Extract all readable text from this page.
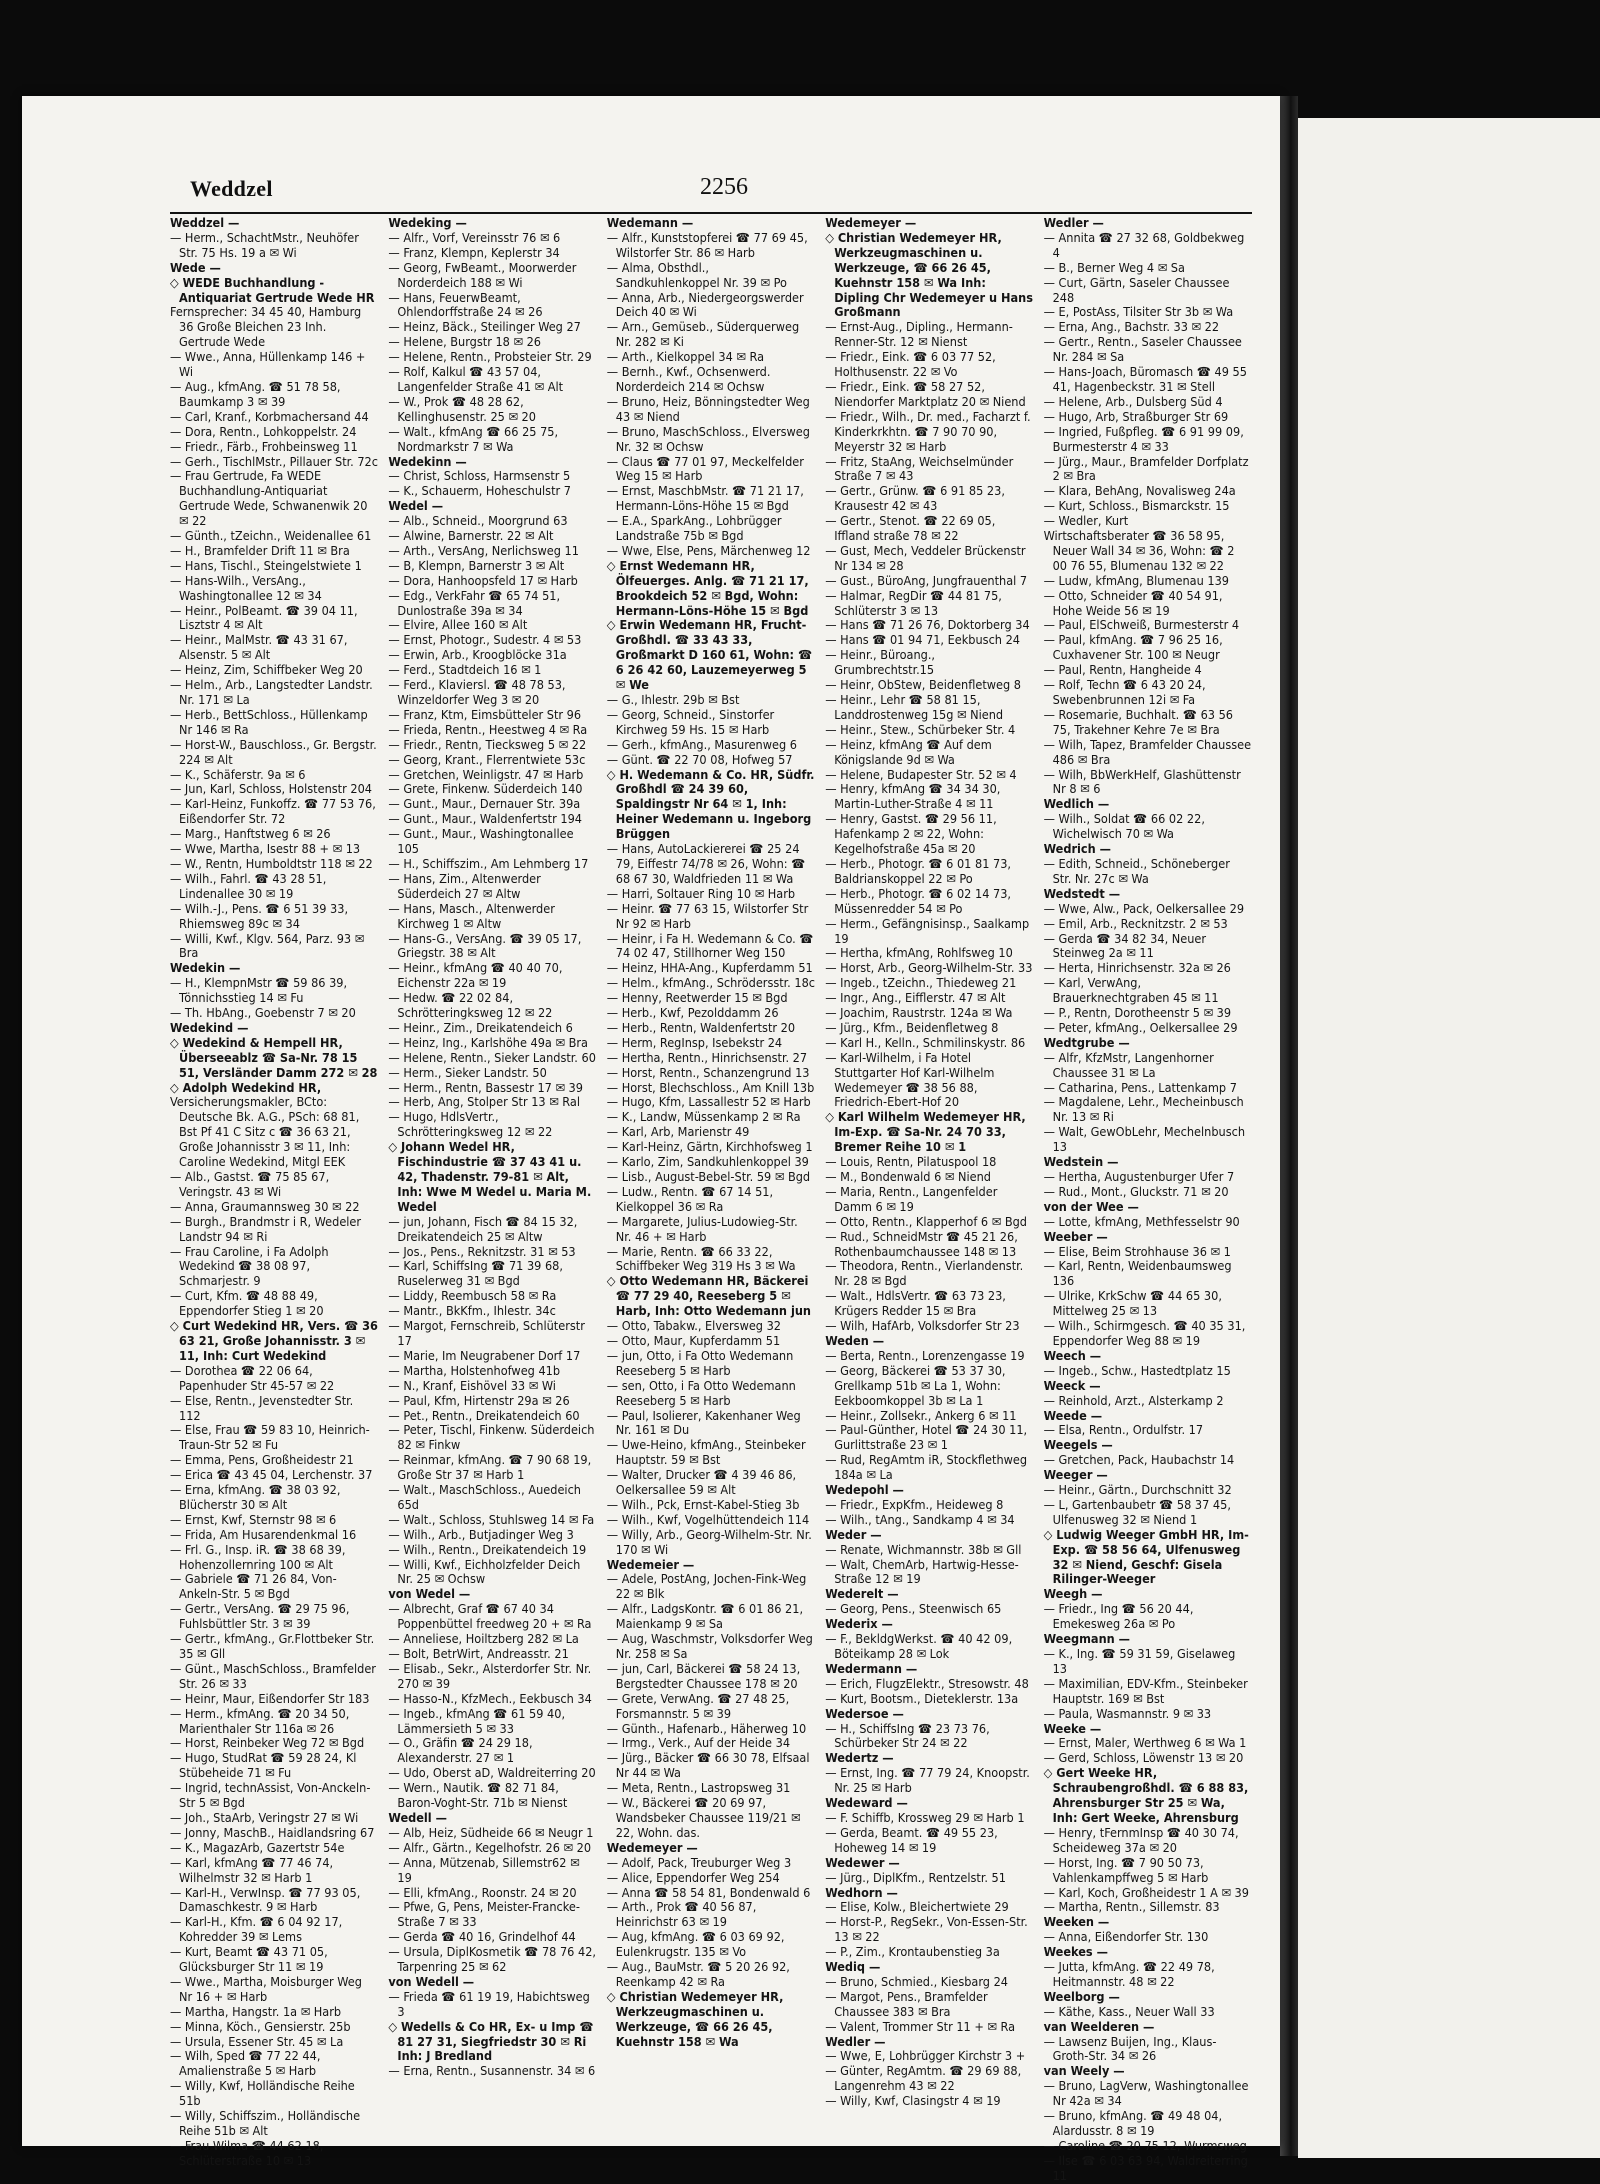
Weddzel	2256

Weddzel —

— Herm., SchachtMstr., Neuhöfer Str. 75 Hs. 19 a ✉ Wi

Wede —

◇ WEDE Buchhandlung - Antiquariat Gertrude Wede HR

Fernsprecher: 34 45 40, Hamburg 36 Große Bleichen 23 Inh. Gertrude Wede

— Wwe., Anna, Hüllenkamp 146 + Wi

— Aug., kfmAng. ☎ 51 78 58, Baumkamp 3 ✉ 39

— Carl, Kranf., Korbmachersand 44

— Dora, Rentn., Lohkoppelstr. 24

— Friedr., Färb., Frohbeinsweg 11

— Gerh., TischlMstr., Pillauer Str. 72c

— Frau Gertrude, Fa WEDE Buchhandlung-Antiquariat Gertrude Wede, Schwanenwik 20 ✉ 22

— Günth., tZeichn., Weidenallee 61

— H., Bramfelder Drift 11 ✉ Bra

— Hans, Tischl., Steingelstwiete 1

— Hans-Wilh., VersAng., Washingtonallee 12 ✉ 34

— Heinr., PolBeamt. ☎ 39 04 11, Lisztstr 4 ✉ Alt

— Heinr., MalMstr. ☎ 43 31 67, Alsenstr. 5 ✉ Alt

— Heinz, Zim, Schiffbeker Weg 20

— Helm., Arb., Langstedter Landstr. Nr. 171 ✉ La

— Herb., BettSchloss., Hüllenkamp Nr 146 ✉ Ra

— Horst-W., Bauschloss., Gr. Bergstr. 224 ✉ Alt

— K., Schäferstr. 9a ✉ 6

— Jun, Karl, Schloss, Holstenstr 204

— Karl-Heinz, Funkoffz. ☎ 77 53 76, Eißendorfer Str. 72

— Marg., Hanftstweg 6 ✉ 26

— Wwe, Martha, Isestr 88 + ✉ 13

— W., Rentn, Humboldtstr 118 ✉ 22

— Wilh., Fahrl. ☎ 43 28 51, Lindenallee 30 ✉ 19

— Wilh.-J., Pens. ☎ 6 51 39 33, Rhiemsweg 89c ✉ 34

— Willi, Kwf., Klgv. 564, Parz. 93 ✉ Bra

Wedekin —

— H., KlempnMstr ☎ 59 86 39, Tönnichsstieg 14 ✉ Fu

— Th. HbAng., Goebenstr 7 ✉ 20

Wedekind —

◇ Wedekind & Hempell HR, Überseeablz ☎ Sa-Nr. 78 15 51, Versländer Damm 272 ✉ 28

◇ Adolph Wedekind HR,

Versicherungsmakler, BCto: Deutsche Bk. A.G., PSch: 68 81, Bst Pf 41 C Sitz c ☎ 36 63 21, Große Johannisstr 3 ✉ 11, Inh: Caroline Wedekind, Mitgl EEK

— Alb., Gastst. ☎ 75 85 67, Veringstr. 43 ✉ Wi

— Anna, Graumannsweg 30 ✉ 22

— Burgh., Brandmstr i R, Wedeler Landstr 94 ✉ Ri

— Frau Caroline, i Fa Adolph Wedekind ☎ 38 08 97, Schmarjestr. 9

— Curt, Kfm. ☎ 48 88 49, Eppendorfer Stieg 1 ✉ 20

◇ Curt Wedekind HR, Vers. ☎ 36 63 21, Große Johannisstr. 3 ✉ 11, Inh: Curt Wedekind

— Dorothea ☎ 22 06 64, Papenhuder Str 45-57 ✉ 22

— Else, Rentn., Jevenstedter Str. 112

— Else, Frau ☎ 59 83 10, Heinrich-Traun-Str 52 ✉ Fu

— Emma, Pens, Großheidestr 21

— Erica ☎ 43 45 04, Lerchenstr. 37

— Erna, kfmAng. ☎ 38 03 92, Blücherstr 30 ✉ Alt

— Ernst, Kwf, Sternstr 98 ✉ 6

— Frida, Am Husarendenkmal 16

— Frl. G., Insp. iR. ☎ 38 68 39, Hohenzollernring 100 ✉ Alt

— Gabriele ☎ 71 26 84, Von-Ankeln-Str. 5 ✉ Bgd

— Gertr., VersAng. ☎ 29 75 96, Fuhlsbüttler Str. 3 ✉ 39

— Gertr., kfmAng., Gr.Flottbeker Str. 35 ✉ Gll

— Günt., MaschSchloss., Bramfelder Str. 26 ✉ 33

— Heinr, Maur, Eißendorfer Str 183

— Herm., kfmAng. ☎ 20 34 50, Marienthaler Str 116a ✉ 26

— Horst, Reinbeker Weg 72 ✉ Bgd

— Hugo, StudRat ☎ 59 28 24, Kl Stübeheide 71 ✉ Fu

— Ingrid, technAssist, Von-Anckeln-Str 5 ✉ Bgd

— Joh., StaArb, Veringstr 27 ✉ Wi

— Jonny, MaschB., Haidlandsring 67

— K., MagazArb, Gazertstr 54e

— Karl, kfmAng ☎ 77 46 74, Wilhelmstr 32 ✉ Harb 1

— Karl-H., VerwInsp. ☎ 77 93 05, Damaschkestr. 9 ✉ Harb

— Karl-H., Kfm. ☎ 6 04 92 17, Kohredder 39 ✉ Lems

— Kurt, Beamt ☎ 43 71 05, Glücksburger Str 11 ✉ 19

— Wwe., Martha, Moisburger Weg Nr 16 + ✉ Harb

— Martha, Hangstr. 1a ✉ Harb

— Minna, Köch., Gensierstr. 25b

— Ursula, Essener Str. 45 ✉ La

— Wilh, Sped ☎ 77 22 44, Amalienstraße 5 ✉ Harb

— Willy, Kwf, Holländische Reihe 51b

— Willy, Schiffszim., Holländische Reihe 51b ✉ Alt

— Frau Wilma ☎ 44 62 18, Schlüterstraße 10 ✉ 13

Wedeking —

— Alfr., Vorf, Vereinsstr 76 ✉ 6

— Franz, Klempn, Keplerstr 34

— Georg, FwBeamt., Moorwerder Norderdeich 188 ✉ Wi

— Hans, FeuerwBeamt, Ohlendorffstraße 24 ✉ 26

— Heinz, Bäck., Steilinger Weg 27

— Helene, Burgstr 18 ✉ 26

— Helene, Rentn., Probsteier Str. 29

— Rolf, Kalkul ☎ 43 57 04, Langenfelder Straße 41 ✉ Alt

— W., Prok ☎ 48 28 62, Kellinghusenstr. 25 ✉ 20

— Walt., kfmAng ☎ 66 25 75, Nordmarkstr 7 ✉ Wa

Wedekinn —

— Christ, Schloss, Harmsenstr 5

— K., Schauerm, Hoheschulstr 7

Wedel —

— Alb., Schneid., Moorgrund 63

— Alwine, Barnerstr. 22 ✉ Alt

— Arth., VersAng, Nerlichsweg 11

— B, Klempn, Barnerstr 3 ✉ Alt

— Dora, Hanhoopsfeld 17 ✉ Harb

— Edg., VerkFahr ☎ 65 74 51, Dunlostraße 39a ✉ 34

— Elvire, Allee 160 ✉ Alt

— Ernst, Photogr., Sudestr. 4 ✉ 53

— Erwin, Arb., Kroogblöcke 31a

— Ferd., Stadtdeich 16 ✉ 1

— Ferd., Klaviersl. ☎ 48 78 53, Winzeldorfer Weg 3 ✉ 20

— Franz, Ktm, Eimsbütteler Str 96

— Frieda, Rentn., Heestweg 4 ✉ Ra

— Friedr., Rentn, Tiecksweg 5 ✉ 22

— Georg, Krant., Flerrentwiete 53c

— Gretchen, Weinligstr. 47 ✉ Harb

— Grete, Finkenw. Süderdeich 140

— Gunt., Maur., Dernauer Str. 39a

— Gunt., Maur., Waldenfertstr 194

— Gunt., Maur., Washingtonallee 105

— H., Schiffszim., Am Lehmberg 17

— Hans, Zim., Altenwerder Süderdeich 27 ✉ Altw

— Hans, Masch., Altenwerder Kirchweg 1 ✉ Altw

— Hans-G., VersAng. ☎ 39 05 17, Griegstr. 38 ✉ Alt

— Heinr., kfmAng ☎ 40 40 70, Eichenstr 22a ✉ 19

— Hedw. ☎ 22 02 84, Schrötteringksweg 12 ✉ 22

— Heinr., Zim., Dreikatendeich 6

— Heinz, Ing., Karlshöhe 49a ✉ Bra

— Helene, Rentn., Sieker Landstr. 60

— Herm., Sieker Landstr. 50

— Herm., Rentn, Bassestr 17 ✉ 39

— Herb, Ang, Stolper Str 13 ✉ Ral

— Hugo, HdlsVertr., Schrötteringksweg 12 ✉ 22

◇ Johann Wedel HR, Fischindustrie ☎ 37 43 41 u. 42, Thadenstr. 79-81 ✉ Alt, Inh: Wwe M Wedel u. Maria M. Wedel

— jun, Johann, Fisch ☎ 84 15 32, Dreikatendeich 25 ✉ Altw

— Jos., Pens., Reknitzstr. 31 ✉ 53

— Karl, SchiffsIng ☎ 71 39 68, Ruselerweg 31 ✉ Bgd

— Liddy, Reembusch 58 ✉ Ra

— Mantr., BkKfm., Ihlestr. 34c

— Margot, Fernschreib, Schlüterstr 17

— Marie, Im Neugrabener Dorf 17

— Martha, Holstenhofweg 41b

— N., Kranf, Eishövel 33 ✉ Wi

— Paul, Kfm, Hirtenstr 29a ✉ 26

— Pet., Rentn., Dreikatendeich 60

— Peter, Tischl, Finkenw. Süderdeich 82 ✉ Finkw

— Reinmar, kfmAng. ☎ 7 90 68 19, Große Str 37 ✉ Harb 1

— Walt., MaschSchloss., Auedeich 65d

— Walt., Schloss, Stuhlsweg 14 ✉ Fa

— Wilh., Arb., Butjadinger Weg 3

— Wilh., Rentn., Dreikatendeich 19

— Willi, Kwf., Eichholzfelder Deich Nr. 25 ✉ Ochsw

von Wedel —

— Albrecht, Graf ☎ 67 40 34 Poppenbüttel freedweg 20 + ✉ Ra

— Anneliese, Hoiltzberg 282 ✉ La

— Bolt, BetrWirt, Andreasstr. 21

— Elisab., Sekr., Alsterdorfer Str. Nr. 270 ✉ 39

— Hasso-N., KfzMech., Eekbusch 34

— Ingeb., kfmAng ☎ 61 59 40, Lämmersieth 5 ✉ 33

— O., Gräfin ☎ 24 29 18, Alexanderstr. 27 ✉ 1

— Udo, Oberst aD, Waldreiterring 20

— Wern., Nautik. ☎ 82 71 84, Baron-Voght-Str. 71b ✉ Nienst

Wedell —

— Alb, Heiz, Südheide 66 ✉ Neugr 1

— Alfr., Gärtn., Kegelhofstr. 26 ✉ 20

— Anna, Mützenab, Sillemstr62 ✉ 19

— Elli, kfmAng., Roonstr. 24 ✉ 20

— Pfwe, G, Pens, Meister-Francke-Straße 7 ✉ 33

— Gerda ☎ 40 16, Grindelhof 44

— Ursula, DiplKosmetik ☎ 78 76 42, Tarpenring 25 ✉ 62

von Wedell —

— Frieda ☎ 61 19 19, Habichtsweg 3

◇ Wedells & Co HR, Ex- u Imp ☎ 81 27 31, Siegfriedstr 30 ✉ Ri Inh: J Bredland

— Erna, Rentn., Susannenstr. 34 ✉ 6

Wedemann —

— Alfr., Kunststopferei ☎ 77 69 45, Wilstorfer Str. 86 ✉ Harb

— Alma, Obsthdl., Sandkuhlenkoppel Nr. 39 ✉ Po

— Anna, Arb., Niedergeorgswerder Deich 40 ✉ Wi

— Arn., Gemüseb., Süderquerweg Nr. 282 ✉ Ki

— Arth., Kielkoppel 34 ✉ Ra

— Bernh., Kwf., Ochsenwerd. Norderdeich 214 ✉ Ochsw

— Bruno, Heiz, Bönningstedter Weg 43 ✉ Niend

— Bruno, MaschSchloss., Elversweg Nr. 32 ✉ Ochsw

— Claus ☎ 77 01 97, Meckelfelder Weg 15 ✉ Harb

— Ernst, MaschbMstr. ☎ 71 21 17, Hermann-Löns-Höhe 15 ✉ Bgd

— E.A., SparkAng., Lohbrügger Landstraße 75b ✉ Bgd

— Wwe, Else, Pens, Märchenweg 12

◇ Ernst Wedemann HR, Ölfeuerges. Anlg. ☎ 71 21 17, Brookdeich 52 ✉ Bgd, Wohn: Hermann-Löns-Höhe 15 ✉ Bgd

◇ Erwin Wedemann HR, Frucht-Großhdl. ☎ 33 43 33, Großmarkt D 160 61, Wohn: ☎ 6 26 42 60, Lauzemeyerweg 5 ✉ We

— G., Ihlestr. 29b ✉ Bst

— Georg, Schneid., Sinstorfer Kirchweg 59 Hs. 15 ✉ Harb

— Gerh., kfmAng., Masurenweg 6

— Günt. ☎ 22 70 08, Hofweg 57

◇ H. Wedemann & Co. HR, Südfr. Großhdl ☎ 24 39 60, Spaldingstr Nr 64 ✉ 1, Inh: Heiner Wedemann u. Ingeborg Brüggen

— Hans, AutoLackiererei ☎ 25 24 79, Eiffestr 74/78 ✉ 26, Wohn: ☎ 68 67 30, Waldfrieden 11 ✉ Wa

— Harri, Soltauer Ring 10 ✉ Harb

— Heinr. ☎ 77 63 15, Wilstorfer Str Nr 92 ✉ Harb

— Heinr, i Fa H. Wedemann & Co. ☎ 74 02 47, Stillhorner Weg 150

— Heinz, HHA-Ang., Kupferdamm 51

— Helm., kfmAng., Schrödersstr. 18c

— Henny, Reetwerder 15 ✉ Bgd

— Herb., Kwf, Pezolddamm 26

— Herb., Rentn, Waldenfertstr 20

— Herm, RegInsp, Isebekstr 24

— Hertha, Rentn., Hinrichsenstr. 27

— Horst, Rentn., Schanzengrund 13

— Horst, Blechschloss., Am Knill 13b

— Hugo, Kfm, Lassallestr 52 ✉ Harb

— K., Landw, Müssenkamp 2 ✉ Ra

— Karl, Arb, Marienstr 49

— Karl-Heinz, Gärtn, Kirchhofsweg 1

— Karlo, Zim, Sandkuhlenkoppel 39

— Lisb., August-Bebel-Str. 59 ✉ Bgd

— Ludw., Rentn. ☎ 67 14 51, Kielkoppel 36 ✉ Ra

— Margarete, Julius-Ludowieg-Str. Nr. 46 + ✉ Harb

— Marie, Rentn. ☎ 66 33 22, Schiffbeker Weg 319 Hs 3 ✉ Wa

◇ Otto Wedemann HR, Bäckerei ☎ 77 29 40, Reeseberg 5 ✉ Harb, Inh: Otto Wedemann jun

— Otto, Tabakw., Elversweg 32

— Otto, Maur, Kupferdamm 51

— jun, Otto, i Fa Otto Wedemann Reeseberg 5 ✉ Harb

— sen, Otto, i Fa Otto Wedemann Reeseberg 5 ✉ Harb

— Paul, Isolierer, Kakenhaner Weg Nr. 161 ✉ Du

— Uwe-Heino, kfmAng., Steinbeker Hauptstr. 59 ✉ Bst

— Walter, Drucker ☎ 4 39 46 86, Oelkersallee 59 ✉ Alt

— Wilh., Pck, Ernst-Kabel-Stieg 3b

— Wilh., Kwf, Vogelhüttendeich 114

— Willy, Arb., Georg-Wilhelm-Str. Nr. 170 ✉ Wi

Wedemeier —

— Adele, PostAng, Jochen-Fink-Weg 22 ✉ Blk

— Alfr., LadgsKontr. ☎ 6 01 86 21, Maienkamp 9 ✉ Sa

— Aug, Waschmstr, Volksdorfer Weg Nr. 258 ✉ Sa

— jun, Carl, Bäckerei ☎ 58 24 13, Bergstedter Chaussee 178 ✉ 20

— Grete, VerwAng. ☎ 27 48 25, Forsmannstr. 5 ✉ 39

— Günth., Hafenarb., Häherweg 10

— Irmg., Verk., Auf der Heide 34

— Jürg., Bäcker ☎ 66 30 78, Elfsaal Nr 44 ✉ Wa

— Meta, Rentn., Lastropsweg 31

— W., Bäckerei ☎ 20 69 97, Wandsbeker Chaussee 119/21 ✉ 22, Wohn. das.

Wedemeyer —

— Adolf, Pack, Treuburger Weg 3

— Alice, Eppendorfer Weg 254

— Anna ☎ 58 54 81, Bondenwald 6

— Arth., Prok ☎ 40 56 87, Heinrichstr 63 ✉ 19

— Aug, kfmAng. ☎ 6 03 69 92, Eulenkrugstr. 135 ✉ Vo

— Aug., BauMstr. ☎ 5 20 26 92, Reenkamp 42 ✉ Ra

◇ Christian Wedemeyer HR, Werkzeugmaschinen u. Werkzeuge, ☎ 66 26 45, Kuehnstr 158 ✉ Wa

Wedemeyer —

◇ Christian Wedemeyer HR, Werkzeugmaschinen u. Werkzeuge, ☎ 66 26 45, Kuehnstr 158 ✉ Wa Inh: Dipling Chr Wedemeyer u Hans Großmann

— Ernst-Aug., Dipling., Hermann-Renner-Str. 12 ✉ Nienst

— Friedr., Eink. ☎ 6 03 77 52, Holthusenstr. 22 ✉ Vo

— Friedr., Eink. ☎ 58 27 52, Niendorfer Marktplatz 20 ✉ Niend

— Friedr., Wilh., Dr. med., Facharzt f. Kinderkrkhtn. ☎ 7 90 70 90, Meyerstr 32 ✉ Harb

— Fritz, StaAng, Weichselmünder Straße 7 ✉ 43

— Gertr., Grünw. ☎ 6 91 85 23, Krausestr 42 ✉ 43

— Gertr., Stenot. ☎ 22 69 05, Iffland straße 78 ✉ 22

— Gust, Mech, Veddeler Brückenstr Nr 134 ✉ 28

— Gust., BüroAng, Jungfrauenthal 7

— Halmar, RegDir ☎ 44 81 75, Schlüterstr 3 ✉ 13

— Hans ☎ 71 26 76, Doktorberg 34

— Hans ☎ 01 94 71, Eekbusch 24

— Heinr., Büroang., Grumbrechtstr.15

— Heinr, ObStew, Beidenfletweg 8

— Heinr., Lehr ☎ 58 81 15, Landdrostenweg 15g ✉ Niend

— Heinr., Stew., Schürbeker Str. 4

— Heinz, kfmAng ☎ Auf dem Königslande 9d ✉ Wa

— Helene, Budapester Str. 52 ✉ 4

— Henry, kfmAng ☎ 34 34 30, Martin-Luther-Straße 4 ✉ 11

— Henry, Gastst. ☎ 29 56 11, Hafenkamp 2 ✉ 22, Wohn: Kegelhofstraße 45a ✉ 20

— Herb., Photogr. ☎ 6 01 81 73, Baldrianskoppel 22 ✉ Po

— Herb., Photogr. ☎ 6 02 14 73, Müssenredder 54 ✉ Po

— Herm., Gefängnisinsp., Saalkamp 19

— Hertha, kfmAng, Rohlfsweg 10

— Horst, Arb., Georg-Wilhelm-Str. 33

— Ingeb., tZeichn., Thiedeweg 21

— Ingr., Ang., Eifflerstr. 47 ✉ Alt

— Joachim, Raustrstr. 124a ✉ Wa

— Jürg., Kfm., Beidenfletweg 8

— Karl H., Kelln., Schmilinskystr. 86

— Karl-Wilhelm, i Fa Hotel Stuttgarter Hof Karl-Wilhelm Wedemeyer ☎ 38 56 88, Friedrich-Ebert-Hof 20

◇ Karl Wilhelm Wedemeyer HR, Im-Exp. ☎ Sa-Nr. 24 70 33, Bremer Reihe 10 ✉ 1

— Louis, Rentn, Pilatuspool 18

— M., Bondenwald 6 ✉ Niend

— Maria, Rentn., Langenfelder Damm 6 ✉ 19

— Otto, Rentn., Klapperhof 6 ✉ Bgd

— Rud., SchneidMstr ☎ 45 21 26, Rothenbaumchaussee 148 ✉ 13

— Theodora, Rentn., Vierlandenstr. Nr. 28 ✉ Bgd

— Walt., HdlsVertr. ☎ 63 73 23, Krügers Redder 15 ✉ Bra

— Wilh, HafArb, Volksdorfer Str 23

Weden —

— Berta, Rentn., Lorenzengasse 19

— Georg, Bäckerei ☎ 53 37 30, Grellkamp 51b ✉ La 1, Wohn: Eekboomkoppel 3b ✉ La 1

— Heinr., Zollsekr., Ankerg 6 ✉ 11

— Paul-Günther, Hotel ☎ 24 30 11, Gurlittstraße 23 ✉ 1

— Rud, RegAmtm iR, Stockflethweg 184a ✉ La

Wedepohl —

— Friedr., ExpKfm., Heideweg 8

— Wilh., tAng., Sandkamp 4 ✉ 34

Weder —

— Renate, Wichmannstr. 38b ✉ Gll

— Walt, ChemArb, Hartwig-Hesse-Straße 12 ✉ 19

Wederelt —

— Georg, Pens., Steenwisch 65

Wederix —

— F., BekldgWerkst. ☎ 40 42 09, Böteikamp 28 ✉ Lok

Wedermann —

— Erich, FlugzElektr., Stresowstr. 48

— Kurt, Bootsm., Dieteklerstr. 13a

Wedersoe —

— H., SchiffsIng ☎ 23 73 76, Schürbeker Str 24 ✉ 22

Wedertz —

— Ernst, Ing. ☎ 77 79 24, Knoopstr. Nr. 25 ✉ Harb

Wedeward —

— F. Schiffb, Krossweg 29 ✉ Harb 1

— Gerda, Beamt. ☎ 49 55 23, Hoheweg 14 ✉ 19

Wedewer —

— Jürg., DiplKfm., Rentzelstr. 51

Wedhorn —

— Elise, Kolw., Bleichertwiete 29

— Horst-P., RegSekr., Von-Essen-Str. 13 ✉ 22

— P., Zim., Krontaubenstieg 3a

Wediq —

— Bruno, Schmied., Kiesbarg 24

— Margot, Pens., Bramfelder Chaussee 383 ✉ Bra

— Valent, Trommer Str 11 + ✉ Ra

Wedler —

— Wwe, E, Lohbrügger Kirchstr 3 +

— Günter, RegAmtm. ☎ 29 69 88, Langenrehm 43 ✉ 22

— Willy, Kwf, Clasingstr 4 ✉ 19

Wedler —

— Annita ☎ 27 32 68, Goldbekweg 4

— B., Berner Weg 4 ✉ Sa

— Curt, Gärtn, Saseler Chaussee 248

— E, PostAss, Tilsiter Str 3b ✉ Wa

— Erna, Ang., Bachstr. 33 ✉ 22

— Gertr., Rentn., Saseler Chaussee Nr. 284 ✉ Sa

— Hans-Joach, Büromasch ☎ 49 55 41, Hagenbeckstr. 31 ✉ Stell

— Helene, Arb., Dulsberg Süd 4

— Hugo, Arb, Straßburger Str 69

— Ingried, Fußpfleg. ☎ 6 91 99 09, Burmesterstr 4 ✉ 33

— Jürg., Maur., Bramfelder Dorfplatz 2 ✉ Bra

— Klara, BehAng, Novalisweg 24a

— Kurt, Schloss., Bismarckstr. 15

— Wedler, Kurt

Wirtschaftsberater ☎ 36 58 95, Neuer Wall 34 ✉ 36, Wohn: ☎ 2 00 76 55, Blumenau 132 ✉ 22

— Ludw, kfmAng, Blumenau 139

— Otto, Schneider ☎ 40 54 91, Hohe Weide 56 ✉ 19

— Paul, ElSchweiß, Burmesterstr 4

— Paul, kfmAng. ☎ 7 96 25 16, Cuxhavener Str. 100 ✉ Neugr

— Paul, Rentn, Hangheide 4

— Rolf, Techn ☎ 6 43 20 24, Swebenbrunnen 12i ✉ Fa

— Rosemarie, Buchhalt. ☎ 63 56 75, Trakehner Kehre 7e ✉ Bra

— Wilh, Tapez, Bramfelder Chaussee 486 ✉ Bra

— Wilh, BbWerkHelf, Glashüttenstr Nr 8 ✉ 6

Wedlich —

— Wilh., Soldat ☎ 66 02 22, Wichelwisch 70 ✉ Wa

Wedrich —

— Edith, Schneid., Schöneberger Str. Nr. 27c ✉ Wa

Wedstedt —

— Wwe, Alw., Pack, Oelkersallee 29

— Emil, Arb., Recknitzstr. 2 ✉ 53

— Gerda ☎ 34 82 34, Neuer Steinweg 2a ✉ 11

— Herta, Hinrichsenstr. 32a ✉ 26

— Karl, VerwAng, Brauerknechtgraben 45 ✉ 11

— P., Rentn, Dorotheenstr 5 ✉ 39

— Peter, kfmAng., Oelkersallee 29

Wedtgrube —

— Alfr, KfzMstr, Langenhorner Chaussee 31 ✉ La

— Catharina, Pens., Lattenkamp 7

— Magdalene, Lehr., Mecheinbusch Nr. 13 ✉ Ri

— Walt, GewObLehr, Mechelnbusch 13

Wedstein —

— Hertha, Augustenburger Ufer 7

— Rud., Mont., Gluckstr. 71 ✉ 20

von der Wee —

— Lotte, kfmAng, Methfesselstr 90

Weeber —

— Elise, Beim Strohhause 36 ✉ 1

— Karl, Rentn, Weidenbaumsweg 136

— Ulrike, KrkSchw ☎ 44 65 30, Mittelweg 25 ✉ 13

— Wilh., Schirmgesch. ☎ 40 35 31, Eppendorfer Weg 88 ✉ 19

Weech —

— Ingeb., Schw., Hastedtplatz 15

Weeck —

— Reinhold, Arzt., Alsterkamp 2

Weede —

— Elsa, Rentn., Ordulfstr. 17

Weegels —

— Gretchen, Pack, Haubachstr 14

Weeger —

— Heinr., Gärtn., Durchschnitt 32

— L, Gartenbaubetr ☎ 58 37 45, Ulfenusweg 32 ✉ Niend 1

◇ Ludwig Weeger GmbH HR, Im-Exp. ☎ 58 56 64, Ulfenusweg 32 ✉ Niend, Geschf: Gisela Rilinger-Weeger

Weegh —

— Friedr., Ing ☎ 56 20 44, Emekesweg 26a ✉ Po

Weegmann —

— K., Ing. ☎ 59 31 59, Giselaweg 13

— Maximilian, EDV-Kfm., Steinbeker Hauptstr. 169 ✉ Bst

— Paula, Wasmannstr. 9 ✉ 33

Weeke —

— Ernst, Maler, Werthweg 6 ✉ Wa 1

— Gerd, Schloss, Löwenstr 13 ✉ 20

◇ Gert Weeke HR, Schraubengroßhdl. ☎ 6 88 83, Ahrensburger Str 25 ✉ Wa, Inh: Gert Weeke, Ahrensburg

— Henry, tFernmInsp ☎ 40 30 74, Scheideweg 37a ✉ 20

— Horst, Ing. ☎ 7 90 50 73, Vahlenkampffweg 5 ✉ Harb

— Karl, Koch, Großheidestr 1 A ✉ 39

— Martha, Rentn., Sillemstr. 83

Weeken —

— Anna, Eißendorfer Str. 130

Weekes —

— Jutta, kfmAng. ☎ 22 49 78, Heitmannstr. 48 ✉ 22

Weelborg —

— Käthe, Kass., Neuer Wall 33

van Weelderen —

— Lawsenz Buijen, Ing., Klaus-Groth-Str. 34 ✉ 26

van Weely —

— Bruno, LagVerw, Washingtonallee Nr 42a ✉ 34

— Bruno, kfmAng. ☎ 49 48 04, Alardusstr. 8 ✉ 19

— Caroline ☎ 20 75 12, Wurmsweg

— Ilse ☎ 6 03 63 94, Waldreiterring 11
